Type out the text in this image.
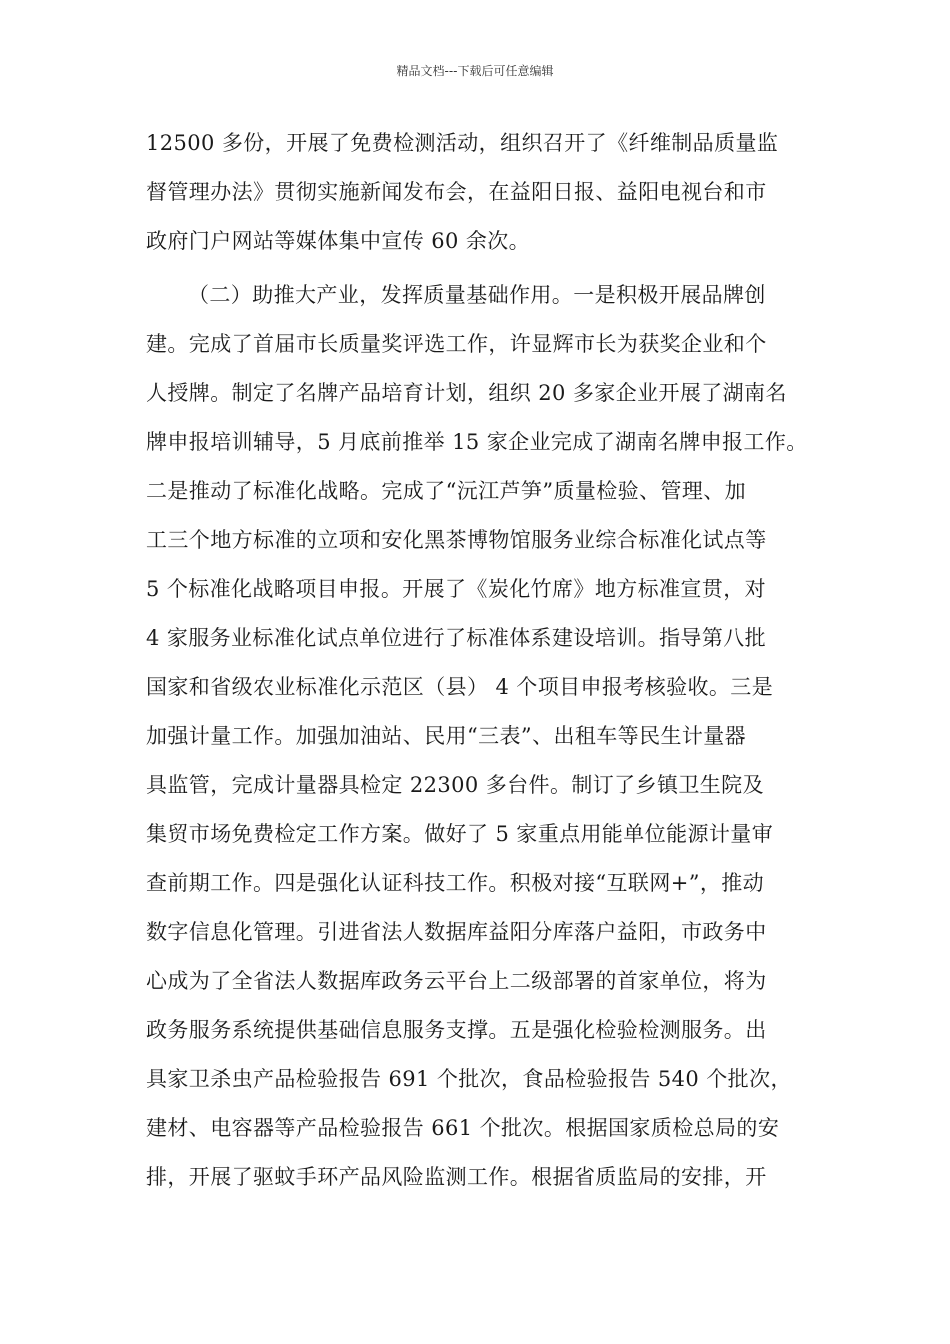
精品文档---下载后可任意编辑
12500 多份，开展了免费检测活动，组织召开了《纤维制品质量监
督管理办法》贯彻实施新闻发布会，在益阳日报、益阳电视台和市
政府门户网站等媒体集中宣传 60 余次。
（二）助推大产业，发挥质量基础作用。一是积极开展品牌创
建。完成了首届市长质量奖评选工作，许显辉市长为获奖企业和个
人授牌。制定了名牌产品培育计划，组织 20 多家企业开展了湖南名
牌申报培训辅导，5 月底前推举 15 家企业完成了湖南名牌申报工作。
二是推动了标准化战略。完成了“沅江芦笋”质量检验、管理、加
工三个地方标准的立项和安化黑茶博物馆服务业综合标准化试点等
5 个标准化战略项目申报。开展了《炭化竹席》地方标准宣贯，对
4 家服务业标准化试点单位进行了标准体系建设培训。指导第八批
国家和省级农业标准化示范区（县） 4 个项目申报考核验收。三是
加强计量工作。加强加油站、民用“三表”、出租车等民生计量器
具监管，完成计量器具检定 22300 多台件。制订了乡镇卫生院及
集贸市场免费检定工作方案。做好了 5 家重点用能单位能源计量审
查前期工作。四是强化认证科技工作。积极对接“互联网+”，推动
数字信息化管理。引进省法人数据库益阳分库落户益阳，市政务中
心成为了全省法人数据库政务云平台上二级部署的首家单位，将为
政务服务系统提供基础信息服务支撑。五是强化检验检测服务。出
具家卫杀虫产品检验报告 691 个批次，食品检验报告 540 个批次，
建材、电容器等产品检验报告 661 个批次。根据国家质检总局的安
排，开展了驱蚊手环产品风险监测工作。根据省质监局的安排，开
